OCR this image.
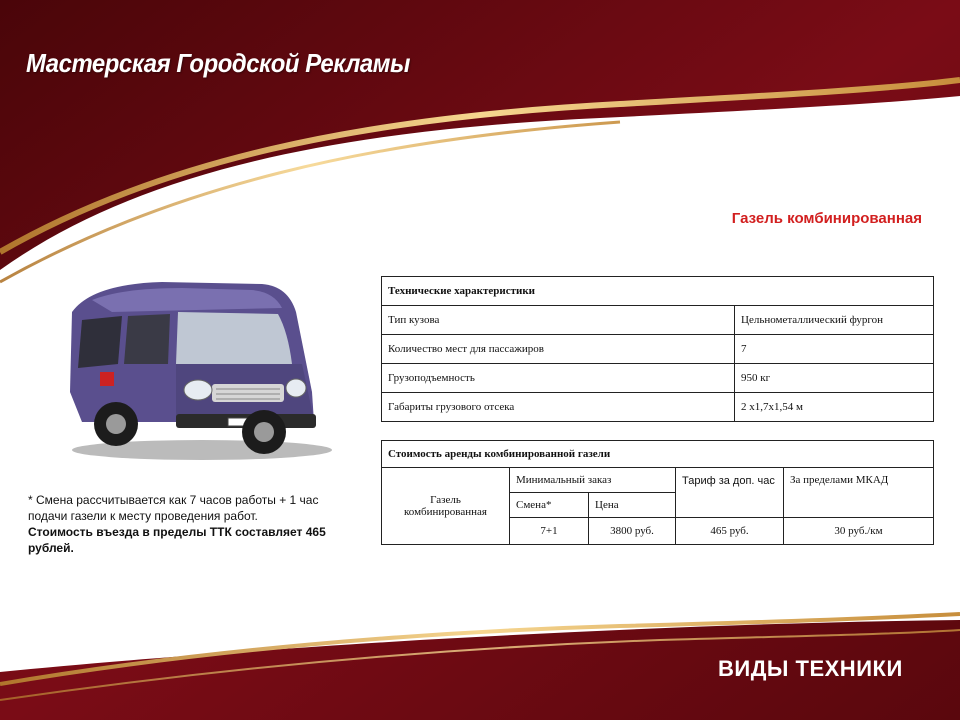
Мастерская Городской Рекламы
Газель комбинированная
Технические характеристики	
Тип кузова	Цельнометаллический фургон
Количество мест для пассажиров	7
Грузоподъемность	950 кг
Габариты грузового отсека	2 х1,7х1,54 м
Стоимость аренды комбинированной газели				
Газель комбинированная	Минимальный заказ		Тариф за доп. час	За пределами МКАД
	Смена*	Цена		
	7+1	3800 руб.	465 руб.	30 руб./км
* Смена рассчитывается как 7 часов работы + 1 час подачи газели к месту проведения работ.
Стоимость въезда в пределы ТТК составляет 465 рублей.
ВИДЫ ТЕХНИКИ
